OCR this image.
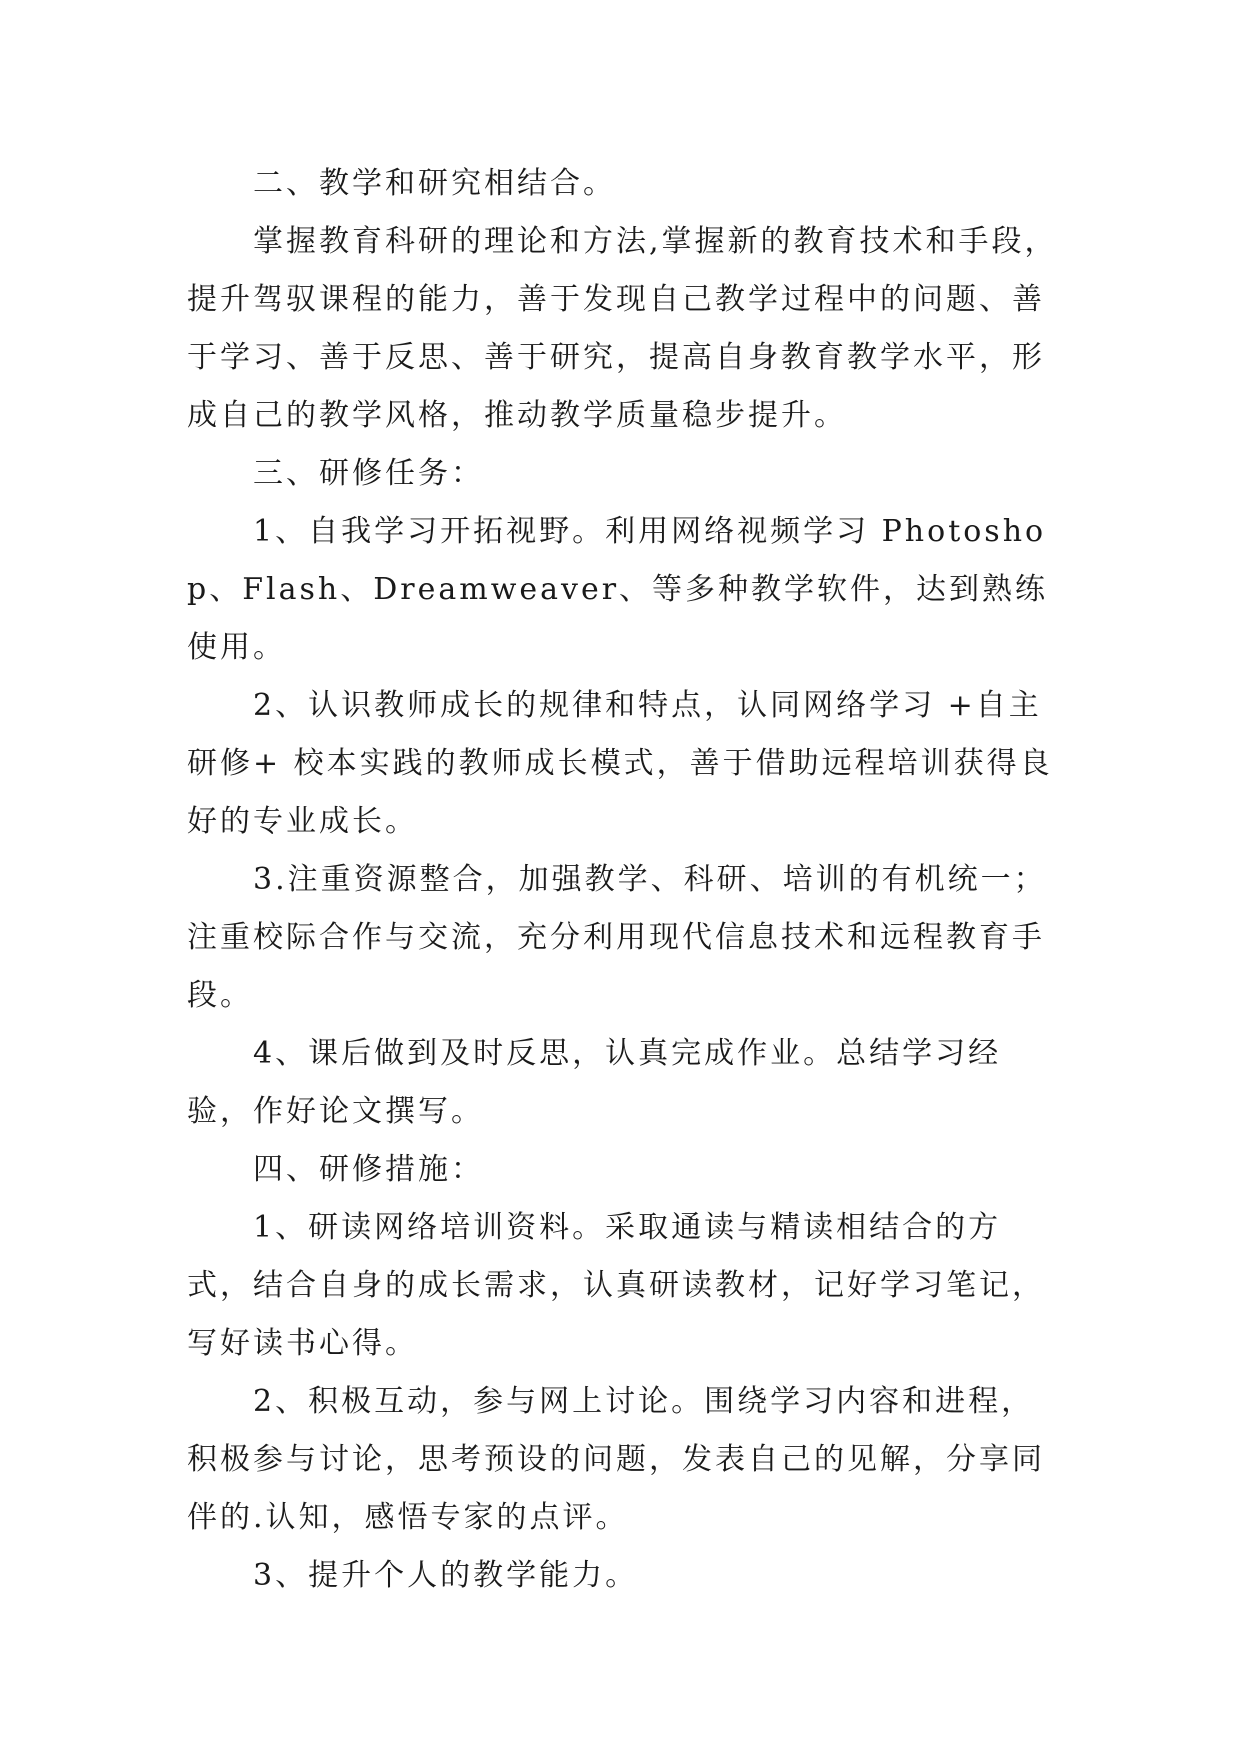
二、教学和研究相结合。

掌握教育科研的理论和方法,掌握新的教育技术和手段，提升驾驭课程的能力，善于发现自己教学过程中的问题、善于学习、善于反思、善于研究，提高自身教育教学水平，形成自己的教学风格，推动教学质量稳步提升。

三、研修任务：

1、自我学习开拓视野。利用网络视频学习 Photoshop、Flash、Dreamweaver、等多种教学软件，达到熟练使用。

2、认识教师成长的规律和特点，认同网络学习 +自主研修+ 校本实践的教师成长模式，善于借助远程培训获得良好的专业成长。

3.注重资源整合，加强教学、科研、培训的有机统一；注重校际合作与交流，充分利用现代信息技术和远程教育手段。

4、课后做到及时反思，认真完成作业。总结学习经验，作好论文撰写。

四、研修措施：

1、研读网络培训资料。采取通读与精读相结合的方式，结合自身的成长需求，认真研读教材，记好学习笔记，写好读书心得。

2、积极互动，参与网上讨论。围绕学习内容和进程，积极参与讨论，思考预设的问题，发表自己的见解，分享同伴的.认知，感悟专家的点评。

3、提升个人的教学能力。
